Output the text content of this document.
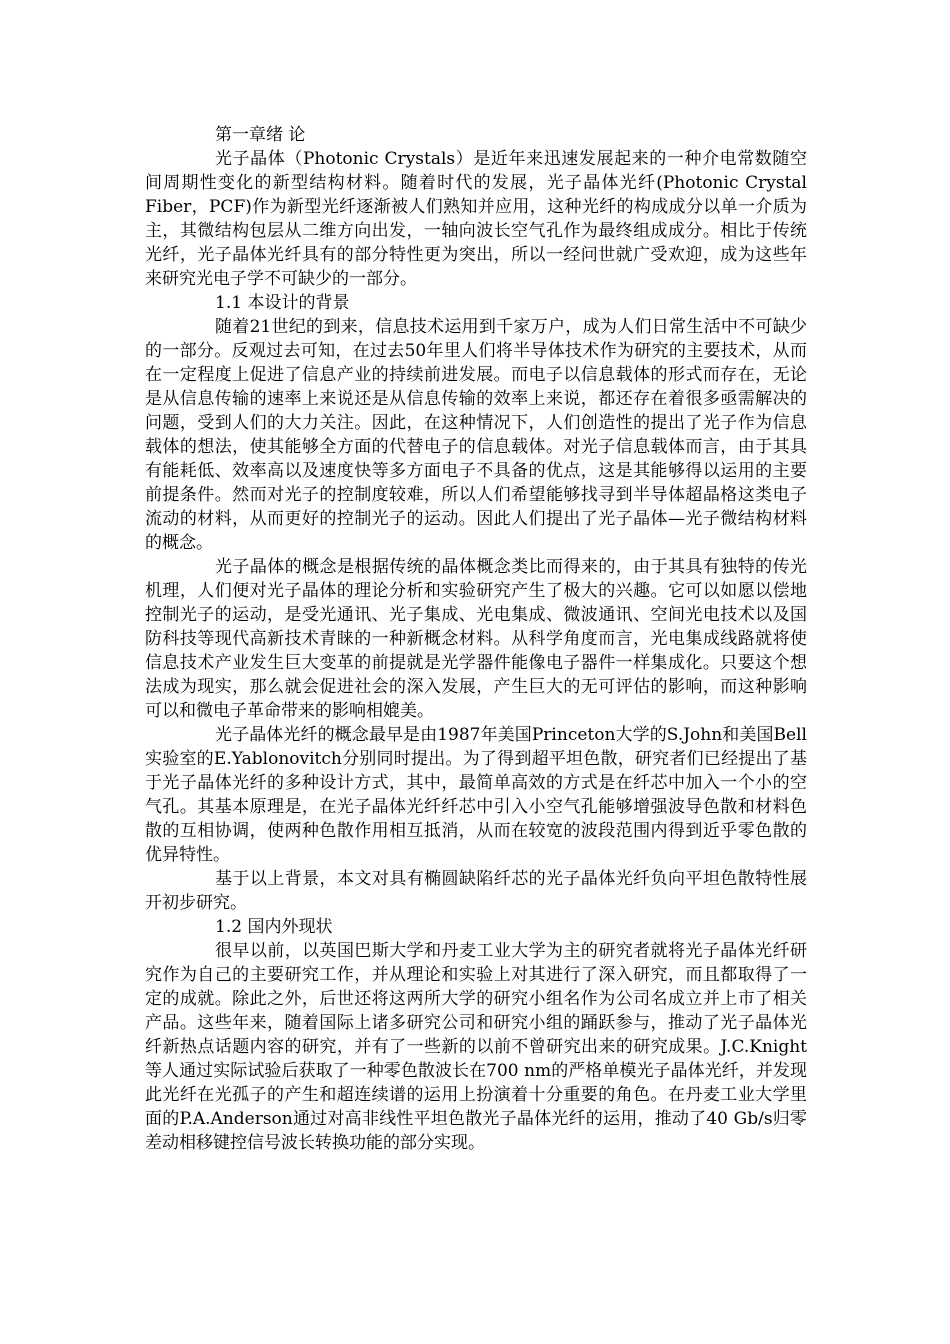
第一章绪 论

光子晶体（Photonic Crystals）是近年来迅速发展起来的一种介电常数随空间周期性变化的新型结构材料。随着时代的发展，光子晶体光纤(Photonic Crystal Fiber，PCF)作为新型光纤逐渐被人们熟知并应用，这种光纤的构成成分以单一介质为主，其微结构包层从二维方向出发，一轴向波长空气孔作为最终组成成分。相比于传统光纤，光子晶体光纤具有的部分特性更为突出，所以一经问世就广受欢迎，成为这些年来研究光电子学不可缺少的一部分。

1.1 本设计的背景

随着21世纪的到来，信息技术运用到千家万户，成为人们日常生活中不可缺少的一部分。反观过去可知，在过去50年里人们将半导体技术作为研究的主要技术，从而在一定程度上促进了信息产业的持续前进发展。而电子以信息载体的形式而存在，无论是从信息传输的速率上来说还是从信息传输的效率上来说，都还存在着很多亟需解决的问题，受到人们的大力关注。因此，在这种情况下，人们创造性的提出了光子作为信息载体的想法，使其能够全方面的代替电子的信息载体。对光子信息载体而言，由于其具有能耗低、效率高以及速度快等多方面电子不具备的优点，这是其能够得以运用的主要前提条件。然而对光子的控制度较难，所以人们希望能够找寻到半导体超晶格这类电子流动的材料，从而更好的控制光子的运动。因此人们提出了光子晶体—光子微结构材料的概念。

光子晶体的概念是根据传统的晶体概念类比而得来的，由于其具有独特的传光机理，人们便对光子晶体的理论分析和实验研究产生了极大的兴趣。它可以如愿以偿地控制光子的运动，是受光通讯、光子集成、光电集成、微波通讯、空间光电技术以及国防科技等现代高新技术青睐的一种新概念材料。从科学角度而言，光电集成线路就将使信息技术产业发生巨大变革的前提就是光学器件能像电子器件一样集成化。只要这个想法成为现实，那么就会促进社会的深入发展，产生巨大的无可评估的影响，而这种影响可以和微电子革命带来的影响相媲美。

光子晶体光纤的概念最早是由1987年美国Princeton大学的S.John和美国Bell实验室的E.Yablonovitch分别同时提出。为了得到超平坦色散，研究者们已经提出了基于光子晶体光纤的多种设计方式，其中，最简单高效的方式是在纤芯中加入一个小的空气孔。其基本原理是，在光子晶体光纤纤芯中引入小空气孔能够增强波导色散和材料色散的互相协调，使两种色散作用相互抵消，从而在较宽的波段范围内得到近乎零色散的优异特性。

基于以上背景，本文对具有椭圆缺陷纤芯的光子晶体光纤负向平坦色散特性展开初步研究。

1.2 国内外现状

很早以前，以英国巴斯大学和丹麦工业大学为主的研究者就将光子晶体光纤研究作为自己的主要研究工作，并从理论和实验上对其进行了深入研究，而且都取得了一定的成就。除此之外，后世还将这两所大学的研究小组名作为公司名成立并上市了相关产品。这些年来，随着国际上诸多研究公司和研究小组的踊跃参与，推动了光子晶体光纤新热点话题内容的研究，并有了一些新的以前不曾研究出来的研究成果。J.C.Knight等人通过实际试验后获取了一种零色散波长在700 nm的严格单模光子晶体光纤，并发现此光纤在光孤子的产生和超连续谱的运用上扮演着十分重要的角色。在丹麦工业大学里面的P.A.Anderson通过对高非线性平坦色散光子晶体光纤的运用，推动了40 Gb/s归零差动相移键控信号波长转换功能的部分实现。
